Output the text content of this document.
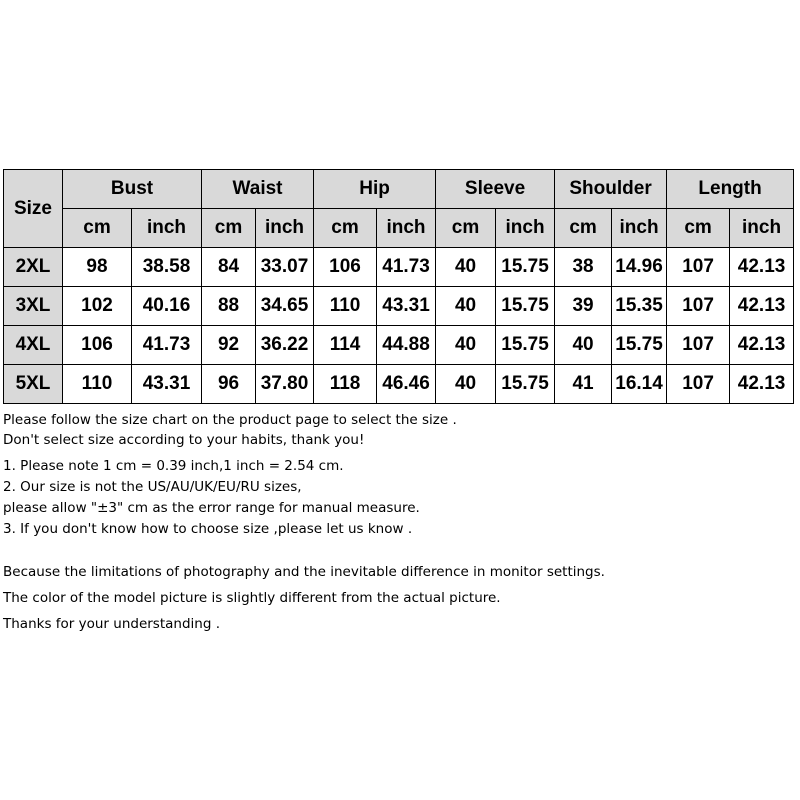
Size	Bust		Waist		Hip		Sleeve		Shoulder		Length	
	cm	inch	cm	inch	cm	inch	cm	inch	cm	inch	cm	inch
2XL	98	38.58	84	33.07	106	41.73	40	15.75	38	14.96	107	42.13
3XL	102	40.16	88	34.65	110	43.31	40	15.75	39	15.35	107	42.13
4XL	106	41.73	92	36.22	114	44.88	40	15.75	40	15.75	107	42.13
5XL	110	43.31	96	37.80	118	46.46	40	15.75	41	16.14	107	42.13

Please follow the size chart on the product page to select the size .

Don't select size according to your habits, thank you!

1. Please note 1 cm = 0.39 inch,1 inch = 2.54 cm.

2. Our size is not the US/AU/UK/EU/RU sizes,

please allow "±3" cm as the error range for manual measure.

3. If you don't know how to choose size ,please let us know .

Because the limitations of photography and the inevitable difference in monitor settings.

The color of the model picture is slightly different from the actual picture.

Thanks for your understanding .
